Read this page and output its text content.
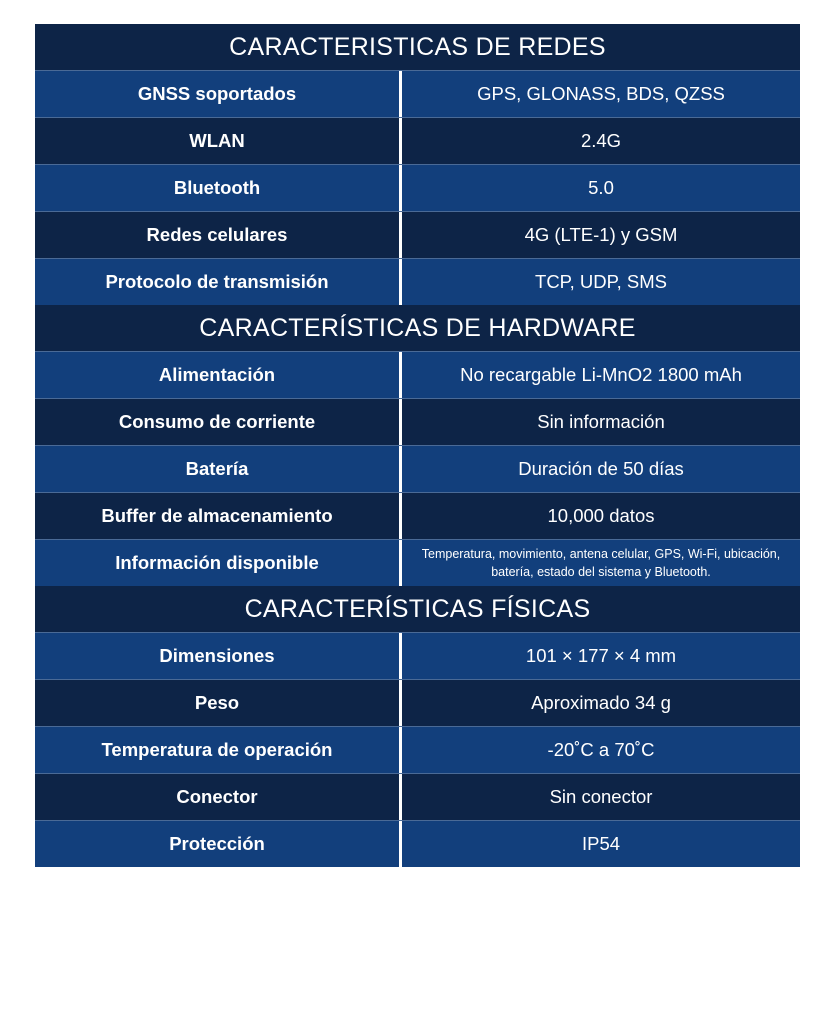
CARACTERISTICAS DE REDES
GNSS soportados	GPS, GLONASS, BDS, QZSS
WLAN	2.4G
Bluetooth	5.0
Redes celulares	4G (LTE-1) y GSM
Protocolo de transmisión	TCP, UDP, SMS
CARACTERÍSTICAS DE HARDWARE
Alimentación	No recargable Li-MnO2 1800 mAh
Consumo de corriente	Sin información
Batería	Duración de 50 días
Buffer de almacenamiento	10,000 datos
Información disponible	Temperatura, movimiento, antena celular, GPS, Wi-Fi, ubicación, batería, estado del sistema y Bluetooth.
CARACTERÍSTICAS FÍSICAS
Dimensiones	101 × 177 × 4 mm
Peso	Aproximado 34 g
Temperatura de operación	-20˚C a 70˚C
Conector	Sin conector
Protección	IP54
